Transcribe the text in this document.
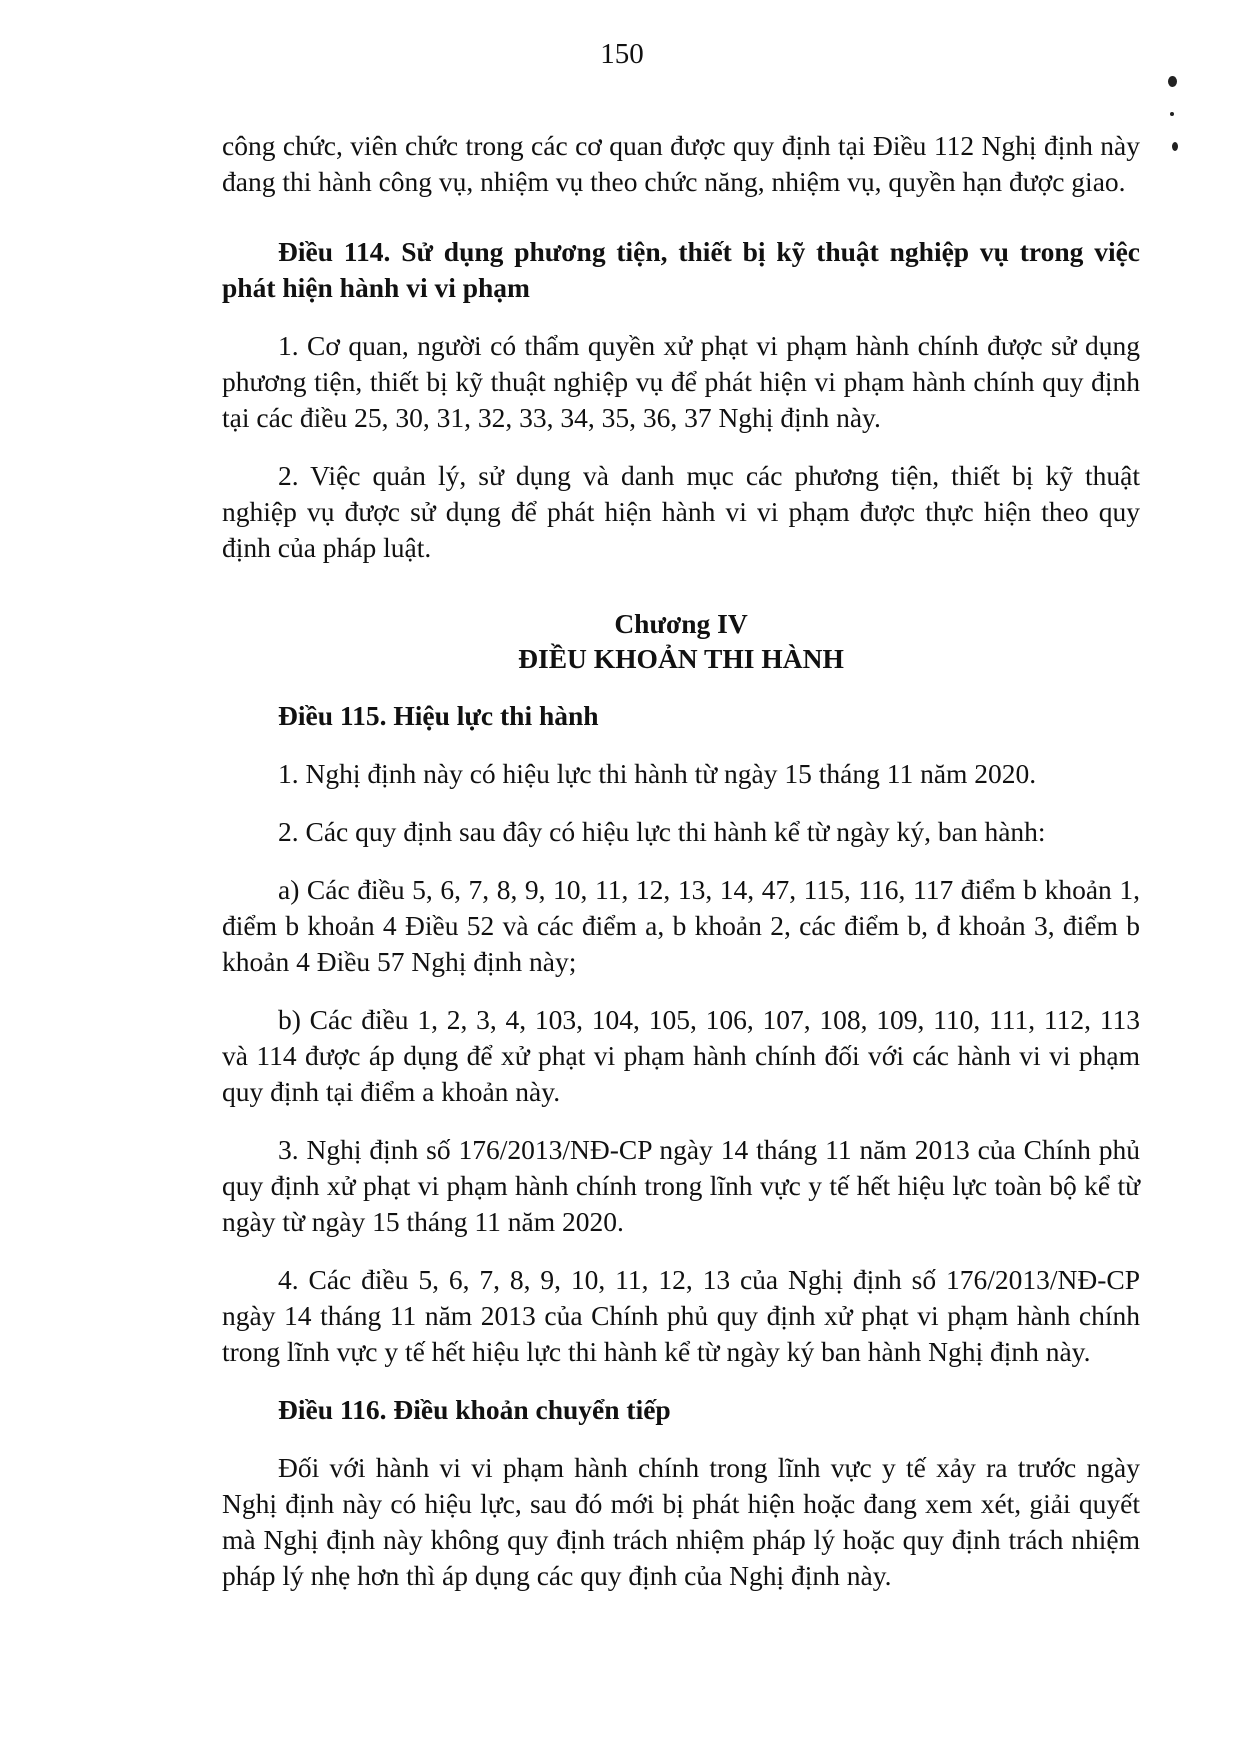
150

công chức, viên chức trong các cơ quan được quy định tại Điều 112 Nghị định này đang thi hành công vụ, nhiệm vụ theo chức năng, nhiệm vụ, quyền hạn được giao.

Điều 114. Sử dụng phương tiện, thiết bị kỹ thuật nghiệp vụ trong việc phát hiện hành vi vi phạm

1. Cơ quan, người có thẩm quyền xử phạt vi phạm hành chính được sử dụng phương tiện, thiết bị kỹ thuật nghiệp vụ để phát hiện vi phạm hành chính quy định tại các điều 25, 30, 31, 32, 33, 34, 35, 36, 37 Nghị định này.

2. Việc quản lý, sử dụng và danh mục các phương tiện, thiết bị kỹ thuật nghiệp vụ được sử dụng để phát hiện hành vi vi phạm được thực hiện theo quy định của pháp luật.

Chương IV

ĐIỀU KHOẢN THI HÀNH

Điều 115. Hiệu lực thi hành

1. Nghị định này có hiệu lực thi hành từ ngày 15 tháng 11 năm 2020.

2. Các quy định sau đây có hiệu lực thi hành kể từ ngày ký, ban hành:

a) Các điều 5, 6, 7, 8, 9, 10, 11, 12, 13, 14, 47, 115, 116, 117 điểm b khoản 1, điểm b khoản 4 Điều 52 và các điểm a, b khoản 2, các điểm b, đ khoản 3, điểm b khoản 4 Điều 57 Nghị định này;

b) Các điều 1, 2, 3, 4, 103, 104, 105, 106, 107, 108, 109, 110, 111, 112, 113 và 114 được áp dụng để xử phạt vi phạm hành chính đối với các hành vi vi phạm quy định tại điểm a khoản này.

3. Nghị định số 176/2013/NĐ-CP ngày 14 tháng 11 năm 2013 của Chính phủ quy định xử phạt vi phạm hành chính trong lĩnh vực y tế hết hiệu lực toàn bộ kể từ ngày từ ngày 15 tháng 11 năm 2020.

4. Các điều 5, 6, 7, 8, 9, 10, 11, 12, 13 của Nghị định số 176/2013/NĐ-CP ngày 14 tháng 11 năm 2013 của Chính phủ quy định xử phạt vi phạm hành chính trong lĩnh vực y tế hết hiệu lực thi hành kể từ ngày ký ban hành Nghị định này.

Điều 116. Điều khoản chuyển tiếp

Đối với hành vi vi phạm hành chính trong lĩnh vực y tế xảy ra trước ngày Nghị định này có hiệu lực, sau đó mới bị phát hiện hoặc đang xem xét, giải quyết mà Nghị định này không quy định trách nhiệm pháp lý hoặc quy định trách nhiệm pháp lý nhẹ hơn thì áp dụng các quy định của Nghị định này.
